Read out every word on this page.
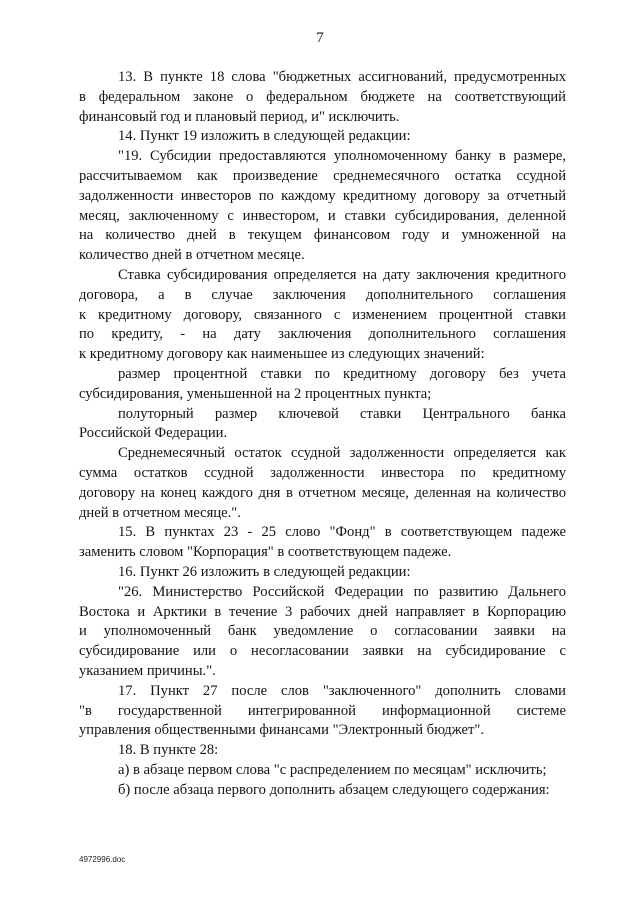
7
13. В пункте 18 слова "бюджетных ассигнований, предусмотренных
в федеральном законе о федеральном бюджете на соответствующий
финансовый год и плановый период, и" исключить.
14. Пункт 19 изложить в следующей редакции:
"19. Субсидии предоставляются уполномоченному банку в размере,
рассчитываемом как произведение среднемесячного остатка ссудной
задолженности инвесторов по каждому кредитному договору за отчетный
месяц, заключенному с инвестором, и ставки субсидирования, деленной
на количество дней в текущем финансовом году и умноженной на
количество дней в отчетном месяце.
Ставка субсидирования определяется на дату заключения кредитного
договора, а в случае заключения дополнительного соглашения
к кредитному договору, связанного с изменением процентной ставки
по кредиту, - на дату заключения дополнительного соглашения
к кредитному договору как наименьшее из следующих значений:
размер процентной ставки по кредитному договору без учета
субсидирования, уменьшенной на 2 процентных пункта;
полуторный размер ключевой ставки Центрального банка
Российской Федерации.
Среднемесячный остаток ссудной задолженности определяется как
сумма остатков ссудной задолженности инвестора по кредитному
договору на конец каждого дня в отчетном месяце, деленная на количество
дней в отчетном месяце.".
15. В пунктах 23 - 25 слово "Фонд" в соответствующем падеже
заменить словом "Корпорация" в соответствующем падеже.
16. Пункт 26 изложить в следующей редакции:
"26. Министерство Российской Федерации по развитию Дальнего
Востока и Арктики в течение 3 рабочих дней направляет в Корпорацию
и уполномоченный банк уведомление о согласовании заявки на
субсидирование или о несогласовании заявки на субсидирование с
указанием причины.".
17. Пункт 27 после слов "заключенного" дополнить словами
"в государственной интегрированной информационной системе
управления общественными финансами "Электронный бюджет".
18. В пункте 28:
а) в абзаце первом слова "с распределением по месяцам" исключить;
б) после абзаца первого дополнить абзацем следующего содержания:
4972996.doc
